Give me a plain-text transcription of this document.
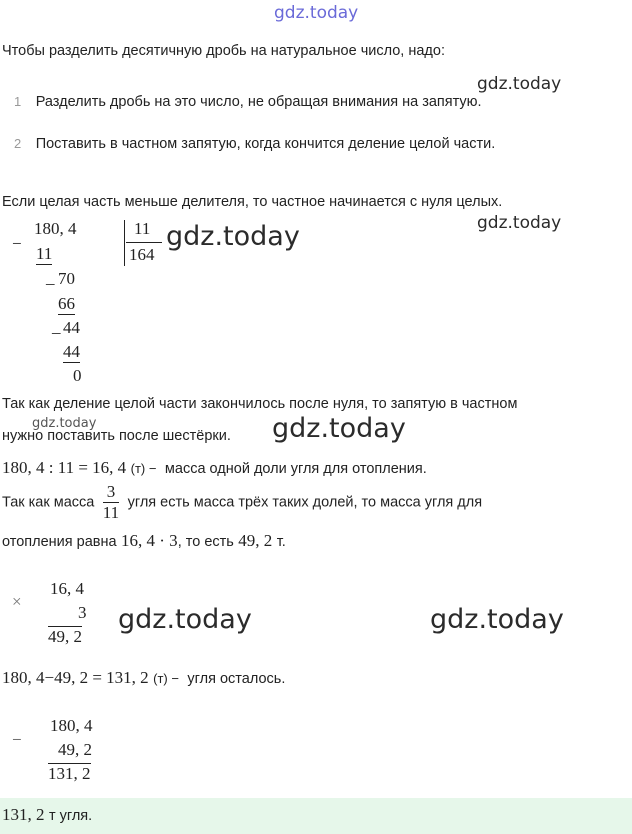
gdz.today
Чтобы разделить десятичную дробь на натуральное число, надо:
gdz.today
1 Разделить дробь на это число, не обращая внимания на запятую.
2 Поставить в частном запятую, когда кончится деление целой части.
Если целая часть меньше делителя, то частное начинается с нуля целых.
gdz.today
−
180, 4	11
164
gdz.today
11
_ 70
66
_ 44
44
0
Так как деление целой части закончилось после нуля, то запятую в частном
нужно поставить после шестёрки.
gdz.today	gdz.today
180, 4 : 11 = 16, 4 (т) − масса одной доли угля для отопления.
Так как масса $\frac{3}{11}$ угля есть масса трёх таких долей, то масса угля для
отопления равна 16, 4 · 3, то есть 49, 2 т.
×
16, 4
3
49, 2
gdz.today	gdz.today
180, 4−49, 2 = 131, 2 (т) − угля осталось.
−
180, 4
49, 2
131, 2
131, 2 т угля.
